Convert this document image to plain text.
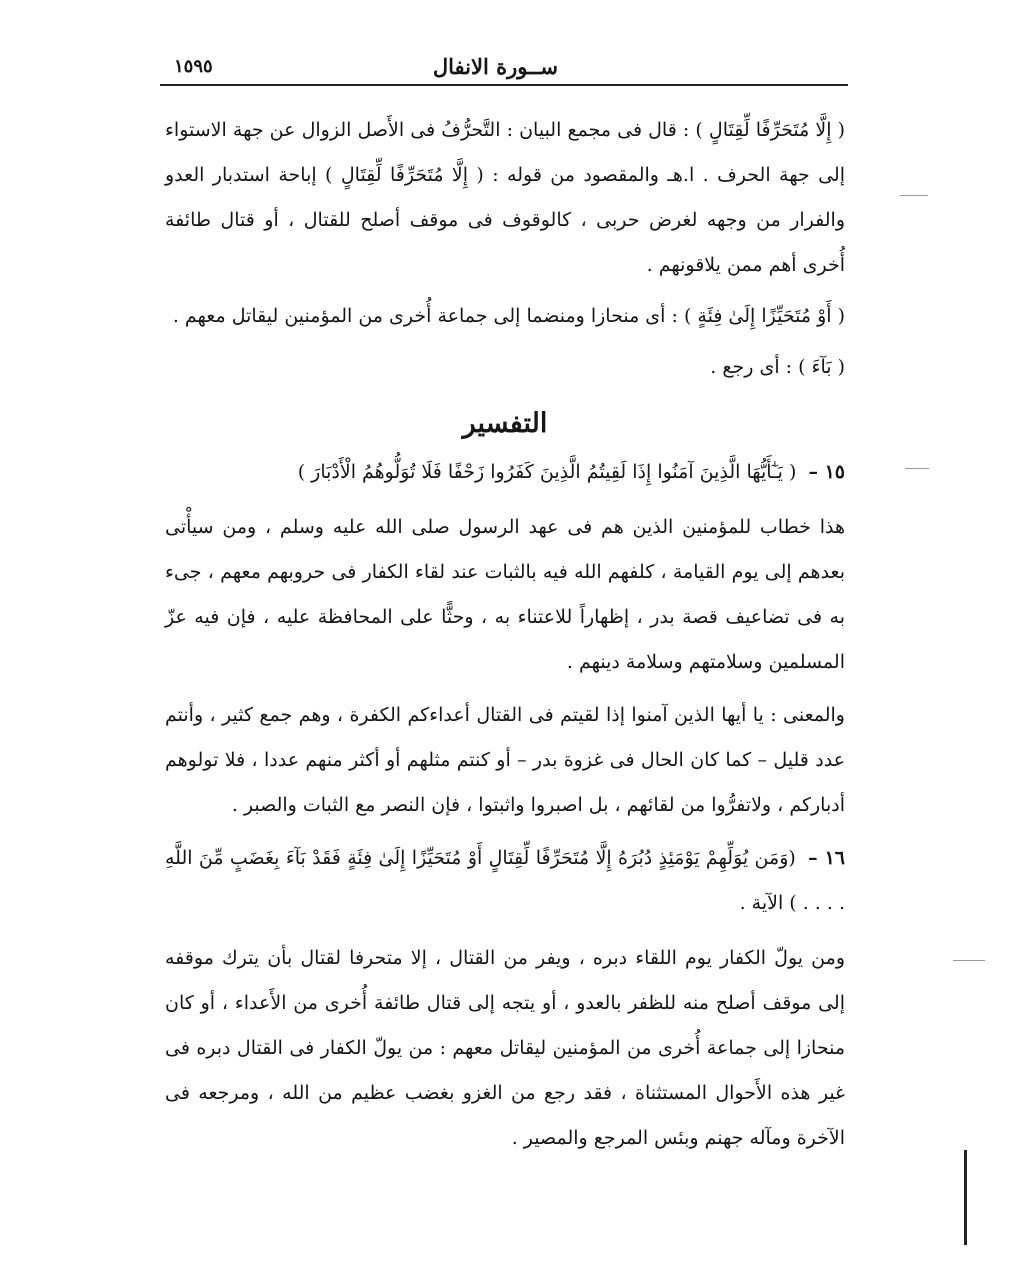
ســورة الانفال
١٥٩٥

( إِلَّا مُتَحَرِّفًا لِّقِتَالٍ ) : قال فى مجمع البيان : التَّحرُّفُ فى الأَصل الزوال عن جهة الاستواء إلى جهة الحرف . ا.هـ والمقصود من قوله : ( إِلَّا مُتَحَرِّفًا لِّقِتَالٍ ) إباحة استدبار العدو والفرار من وجهه لغرض حربى ، كالوقوف فى موقف أصلح للقتال ، أو قتال طائفة أُخرى أهم ممن يلاقونهم .

( أَوْ مُتَحَيِّزًا إِلَىٰ فِئَةٍ ) : أى منحازا ومنضما إلى جماعة أُخرى من المؤمنين ليقاتل معهم .

( بَآءَ ) : أى رجع .

التفسير

١٥ – ( يَـٰٓأَيُّهَا الَّذِينَ آمَنُوا إِذَا لَقِيتُمُ الَّذِينَ كَفَرُوا زَحْفًا فَلَا تُوَلُّوهُمُ الْأَدْبَارَ )

هذا خطاب للمؤمنين الذين هم فى عهد الرسول صلى الله عليه وسلم ، ومن سيأْتى بعدهم إلى يوم القيامة ، كلفهم الله فيه بالثبات عند لقاء الكفار فى حروبهم معهم ، جىء به فى تضاعيف قصة بدر ، إظهاراً للاعتناء به ، وحثًّا على المحافظة عليه ، فإن فيه عزّ المسلمين وسلامتهم وسلامة دينهم .

والمعنى : يا أيها الذين آمنوا إذا لقيتم فى القتال أعداءكم الكفرة ، وهم جمع كثير ، وأنتم عدد قليل – كما كان الحال فى غزوة بدر – أو كنتم مثلهم أو أكثر منهم عددا ، فلا تولوهم أدباركم ، ولاتفرُّوا من لقائهم ، بل اصبروا واثبتوا ، فإن النصر مع الثبات والصبر .

١٦ – (وَمَن يُوَلِّهِمْ يَوْمَئِذٍ دُبُرَهُ إِلَّا مُتَحَرِّفًا لِّقِتَالٍ أَوْ مُتَحَيِّزًا إِلَىٰ فِئَةٍ فَقَدْ بَآءَ بِغَضَبٍ مِّنَ اللَّهِ . . . . ) الآية .

ومن يولّ الكفار يوم اللقاء دبره ، ويفر من القتال ، إلا متحرفا لقتال بأن يترك موقفه إلى موقف أصلح منه للظفر بالعدو ، أو يتجه إلى قتال طائفة أُخرى من الأَعداء ، أو كان منحازا إلى جماعة أُخرى من المؤمنين ليقاتل معهم : من يولّ الكفار فى القتال دبره فى غير هذه الأَحوال المستثناة ، فقد رجع من الغزو بغضب عظيم من الله ، ومرجعه فى الآخرة ومآله جهنم وبئس المرجع والمصير .
